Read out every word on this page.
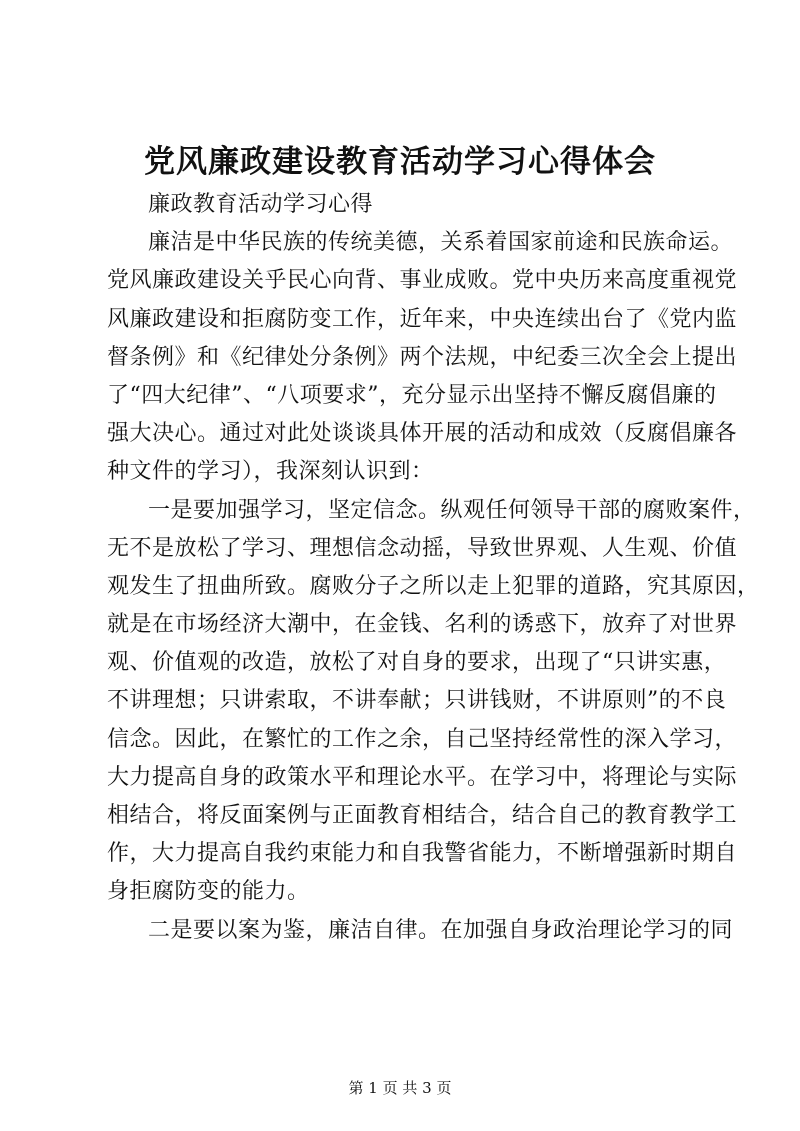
党风廉政建设教育活动学习心得体会
廉政教育活动学习心得
廉洁是中华民族的传统美德，关系着国家前途和民族命运。
党风廉政建设关乎民心向背、事业成败。党中央历来高度重视党
风廉政建设和拒腐防变工作，近年来，中央连续出台了《党内监
督条例》和《纪律处分条例》两个法规，中纪委三次全会上提出
了“四大纪律”、“八项要求”，充分显示出坚持不懈反腐倡廉的
强大决心。通过对此处谈谈具体开展的活动和成效（反腐倡廉各
种文件的学习），我深刻认识到：
一是要加强学习，坚定信念。纵观任何领导干部的腐败案件，
无不是放松了学习、理想信念动摇，导致世界观、人生观、价值
观发生了扭曲所致。腐败分子之所以走上犯罪的道路，究其原因，
就是在市场经济大潮中，在金钱、名利的诱惑下，放弃了对世界
观、价值观的改造，放松了对自身的要求，出现了“只讲实惠，
不讲理想；只讲索取，不讲奉献；只讲钱财，不讲原则”的不良
信念。因此，在繁忙的工作之余，自己坚持经常性的深入学习，
大力提高自身的政策水平和理论水平。在学习中，将理论与实际
相结合，将反面案例与正面教育相结合，结合自己的教育教学工
作，大力提高自我约束能力和自我警省能力，不断增强新时期自
身拒腐防变的能力。
二是要以案为鉴，廉洁自律。在加强自身政治理论学习的同
第 1 页 共 3 页
